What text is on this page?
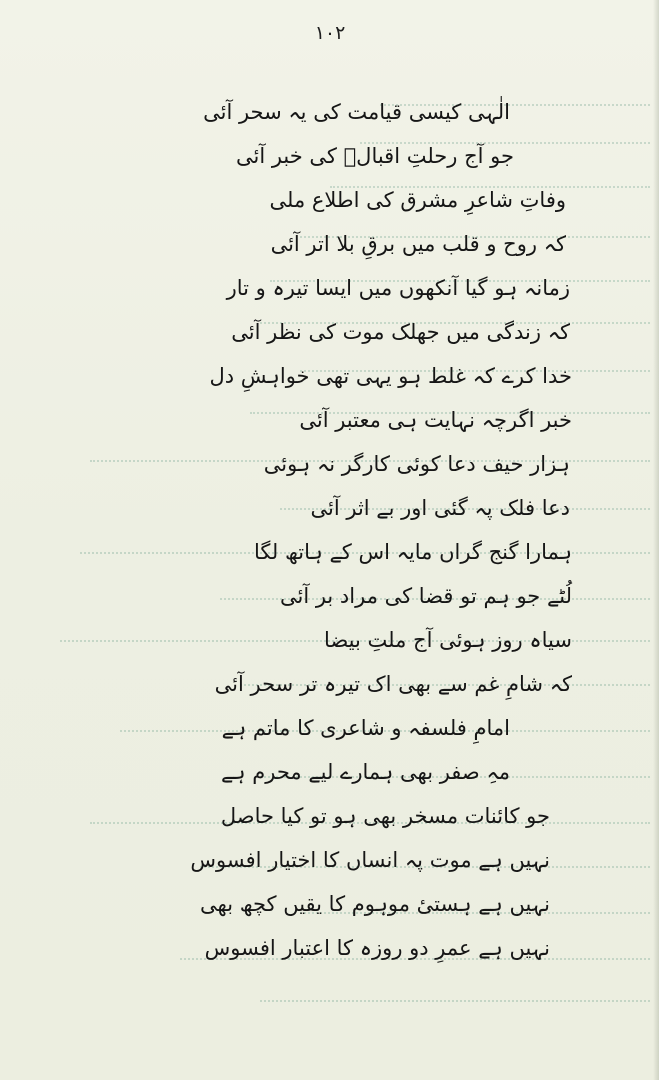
۱۰۲
الٰہی کیسی قیامت کی یہ سحر آئی
جو آج رحلتِ اقبالؒ کی خبر آئی
وفاتِ شاعرِ مشرق کی اطلاع ملی
کہ روح و قلب میں برقِ بلا اتر آئی
زمانہ ہو گیا آنکھوں میں ایسا تیرہ و تار
کہ زندگی میں جھلک موت کی نظر آئی
خدا کرے کہ غلط ہو یہی تھی خواہشِ دل
خبر اگرچہ نہایت ہی معتبر آئی
ہزار حیف دعا کوئی کارگر نہ ہوئی
دعا فلک پہ گئی اور بے اثر آئی
ہمارا گنج گراں مایہ اس کے ہاتھ لگا
لُٹے جو ہم تو قضا کی مراد بر آئی
سیاہ روز ہوئی آج ملتِ بیضا
کہ شامِ غم سے بھی اک تیرہ تر سحر آئی
امامِ فلسفہ و شاعری کا ماتم ہے
مہِ صفر بھی ہمارے لیے محرم ہے
جو کائنات مسخر بھی ہو تو کیا حاصل
نہیں ہے موت پہ انساں کا اختیار افسوس
نہیں ہے ہستیٔ موہوم کا یقیں کچھ بھی
نہیں ہے عمرِ دو روزہ کا اعتبار افسوس
